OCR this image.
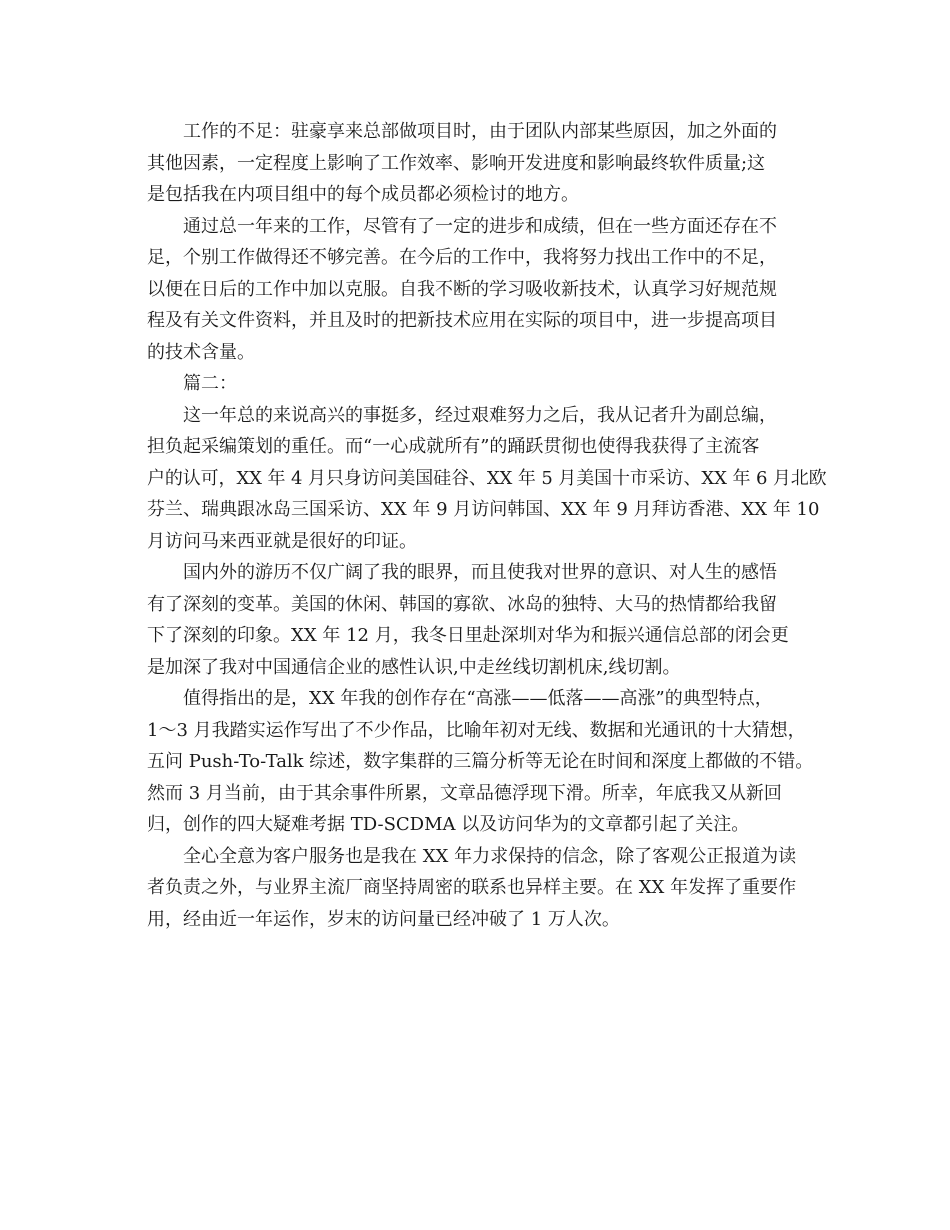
工作的不足：驻豪享来总部做项目时，由于团队内部某些原因，加之外面的
其他因素，一定程度上影响了工作效率、影响开发进度和影响最终软件质量;这
是包括我在内项目组中的每个成员都必须检讨的地方。
通过总一年来的工作，尽管有了一定的进步和成绩，但在一些方面还存在不
足，个别工作做得还不够完善。在今后的工作中，我将努力找出工作中的不足，
以便在日后的工作中加以克服。自我不断的学习吸收新技术，认真学习好规范规
程及有关文件资料，并且及时的把新技术应用在实际的项目中，进一步提高项目
的技术含量。
篇二：
这一年总的来说高兴的事挺多，经过艰难努力之后，我从记者升为副总编，
担负起采编策划的重任。而“一心成就所有”的踊跃贯彻也使得我获得了主流客
户的认可，XX 年 4 月只身访问美国硅谷、XX 年 5 月美国十市采访、XX 年 6 月北欧
芬兰、瑞典跟冰岛三国采访、XX 年 9 月访问韩国、XX 年 9 月拜访香港、XX 年 10
月访问马来西亚就是很好的印证。
国内外的游历不仅广阔了我的眼界，而且使我对世界的意识、对人生的感悟
有了深刻的变革。美国的休闲、韩国的寡欲、冰岛的独特、大马的热情都给我留
下了深刻的印象。XX 年 12 月，我冬日里赴深圳对华为和振兴通信总部的闭会更
是加深了我对中国通信企业的感性认识,中走丝线切割机床,线切割。
值得指出的是，XX 年我的创作存在“高涨——低落——高涨”的典型特点，
1～3 月我踏实运作写出了不少作品，比喻年初对无线、数据和光通讯的十大猜想，
五问 Push-To-Talk 综述，数字集群的三篇分析等无论在时间和深度上都做的不错。
然而 3 月当前，由于其余事件所累，文章品德浮现下滑。所幸，年底我又从新回
归，创作的四大疑难考据 TD-SCDMA 以及访问华为的文章都引起了关注。
全心全意为客户服务也是我在 XX 年力求保持的信念，除了客观公正报道为读
者负责之外，与业界主流厂商坚持周密的联系也异样主要。在 XX 年发挥了重要作
用，经由近一年运作，岁末的访问量已经冲破了 1 万人次。
